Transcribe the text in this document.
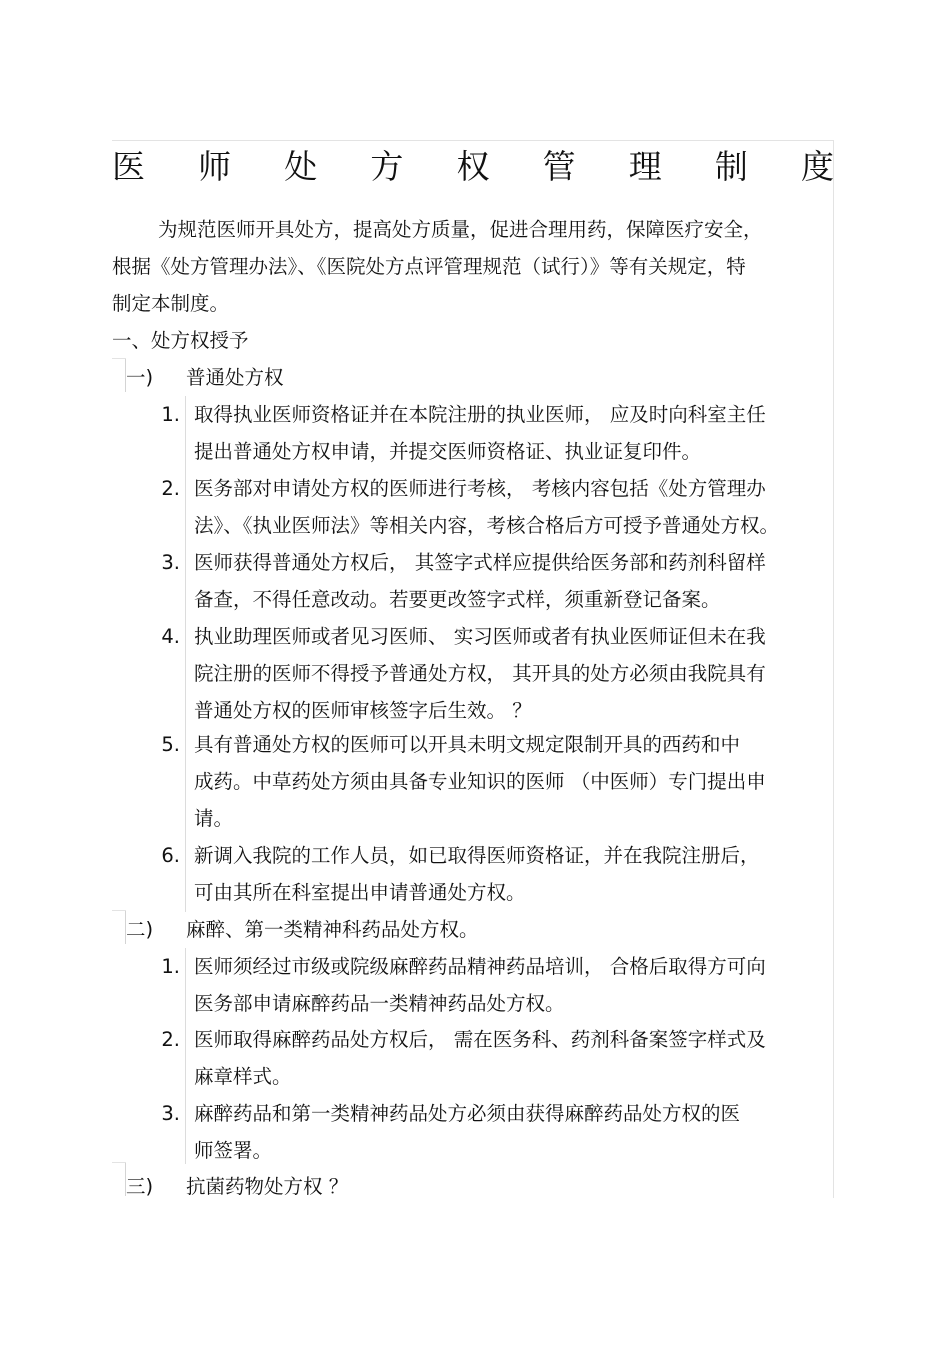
医 师 处 方 权 管 理 制 度
为规范医师开具处方，提高处方质量，促进合理用药，保障医疗安全，
根据《处方管理办法》、《医院处方点评管理规范（试行）》等有关规定，特
制定本制度。
一、处方权授予
一) 普通处方权
1. 取得执业医师资格证并在本院注册的执业医师， 应及时向科室主任
提出普通处方权申请，并提交医师资格证、执业证复印件。
2. 医务部对申请处方权的医师进行考核， 考核内容包括《处方管理办
法》、《执业医师法》等相关内容，考核合格后方可授予普通处方权。
3. 医师获得普通处方权后， 其签字式样应提供给医务部和药剂科留样
备查，不得任意改动。若要更改签字式样，须重新登记备案。
4. 执业助理医师或者见习医师、 实习医师或者有执业医师证但未在我
院注册的医师不得授予普通处方权， 其开具的处方必须由我院具有
普通处方权的医师审核签字后生效。 ？
5. 具有普通处方权的医师可以开具未明文规定限制开具的西药和中
成药。中草药处方须由具备专业知识的医师 （中医师）专门提出申
请。
6. 新调入我院的工作人员，如已取得医师资格证，并在我院注册后，
可由其所在科室提出申请普通处方权。
二) 麻醉、第一类精神科药品处方权。
1. 医师须经过市级或院级麻醉药品精神药品培训， 合格后取得方可向
医务部申请麻醉药品一类精神药品处方权。
2. 医师取得麻醉药品处方权后， 需在医务科、药剂科备案签字样式及
麻章样式。
3. 麻醉药品和第一类精神药品处方必须由获得麻醉药品处方权的医
师签署。
三) 抗菌药物处方权 ？
